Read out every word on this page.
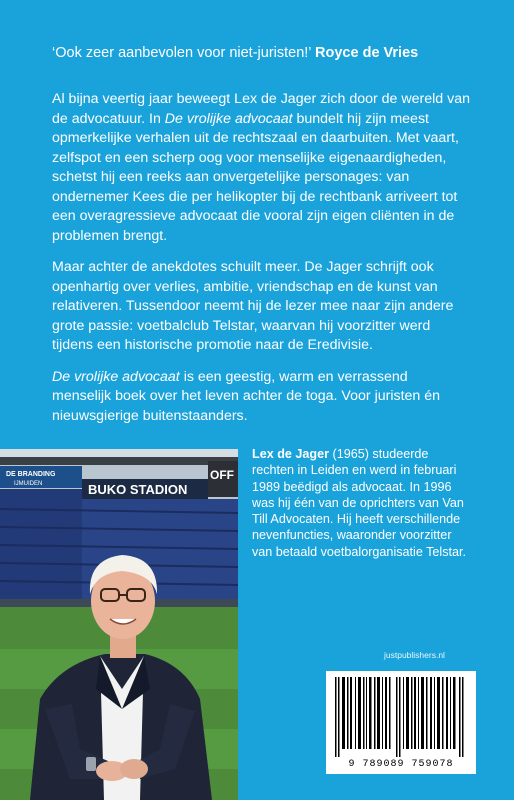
‘Ook zeer aanbevolen voor niet-juristen!’ Royce de Vries

Al bijna veertig jaar beweegt Lex de Jager zich door de wereld van de advocatuur. In De vrolijke advocaat bundelt hij zijn meest opmerkelijke verhalen uit de rechtszaal en daarbuiten. Met vaart, zelfspot en een scherp oog voor menselijke eigenaardigheden, schetst hij een reeks aan onvergetelijke personages: van ondernemer Kees die per helikopter bij de rechtbank arriveert tot een overagressieve advocaat die vooral zijn eigen cliënten in de problemen brengt.

Maar achter de anekdotes schuilt meer. De Jager schrijft ook openhartig over verlies, ambitie, vriendschap en de kunst van relativeren. Tussendoor neemt hij de lezer mee naar zijn andere grote passie: voetbalclub Telstar, waarvan hij voorzitter werd tijdens een historische promotie naar de Eredivisie.

De vrolijke advocaat is een geestig, warm en verrassend menselijk boek over het leven achter de toga. Voor juristen én nieuwsgierige buitenstaanders.

DE BRANDING
IJMUIDEN	BUKO STADION
OFF
Lex de Jager (1965) studeerde rechten in Leiden en werd in februari 1989 beëdigd als advocaat. In 1996 was hij één van de oprichters van Van Till Advocaten. Hij heeft verschillende nevenfuncties, waaronder voorzitter van betaald voetbalorganisatie Telstar.
justpublishers.nl
9 789089 759078
